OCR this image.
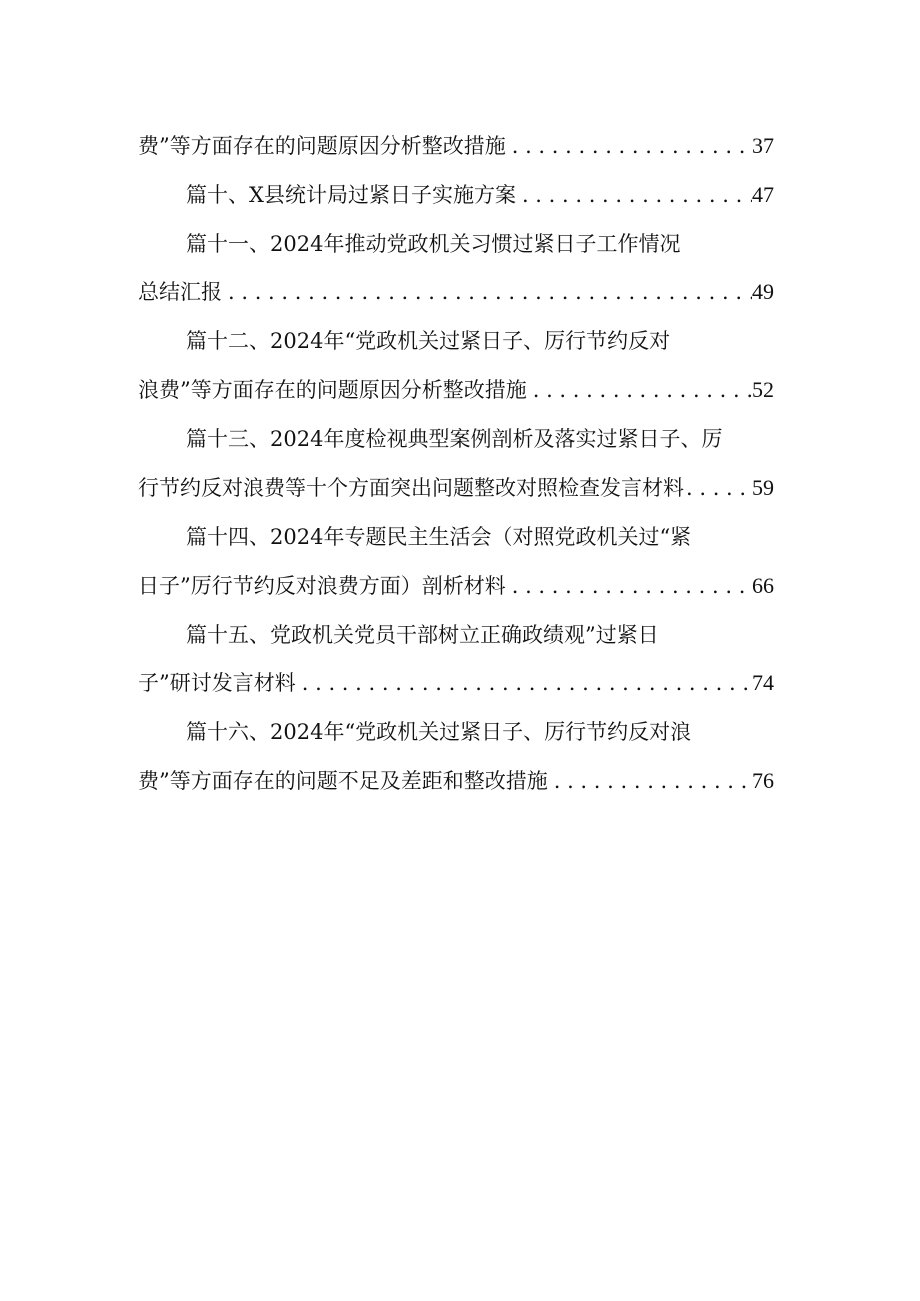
费”等方面存在的问题原因分析整改措施 . . .	37
篇十、X县统计局过紧日子实施方案 . . .	47
篇十一、2024年推动党政机关习惯过紧日子工作情况
总结汇报 . . .	49
篇十二、2024年“党政机关过紧日子、厉行节约反对
浪费”等方面存在的问题原因分析整改措施 . . .	52
篇十三、2024年度检视典型案例剖析及落实过紧日子、厉
行节约反对浪费等十个方面突出问题整改对照检查发言材料 . . .	59
篇十四、2024年专题民主生活会（对照党政机关过“紧
日子”厉行节约反对浪费方面）剖析材料 . . .	66
篇十五、党政机关党员干部树立正确政绩观”过紧日
子”研讨发言材料 . . .	74
篇十六、2024年“党政机关过紧日子、厉行节约反对浪
费”等方面存在的问题不足及差距和整改措施 . . .	76
